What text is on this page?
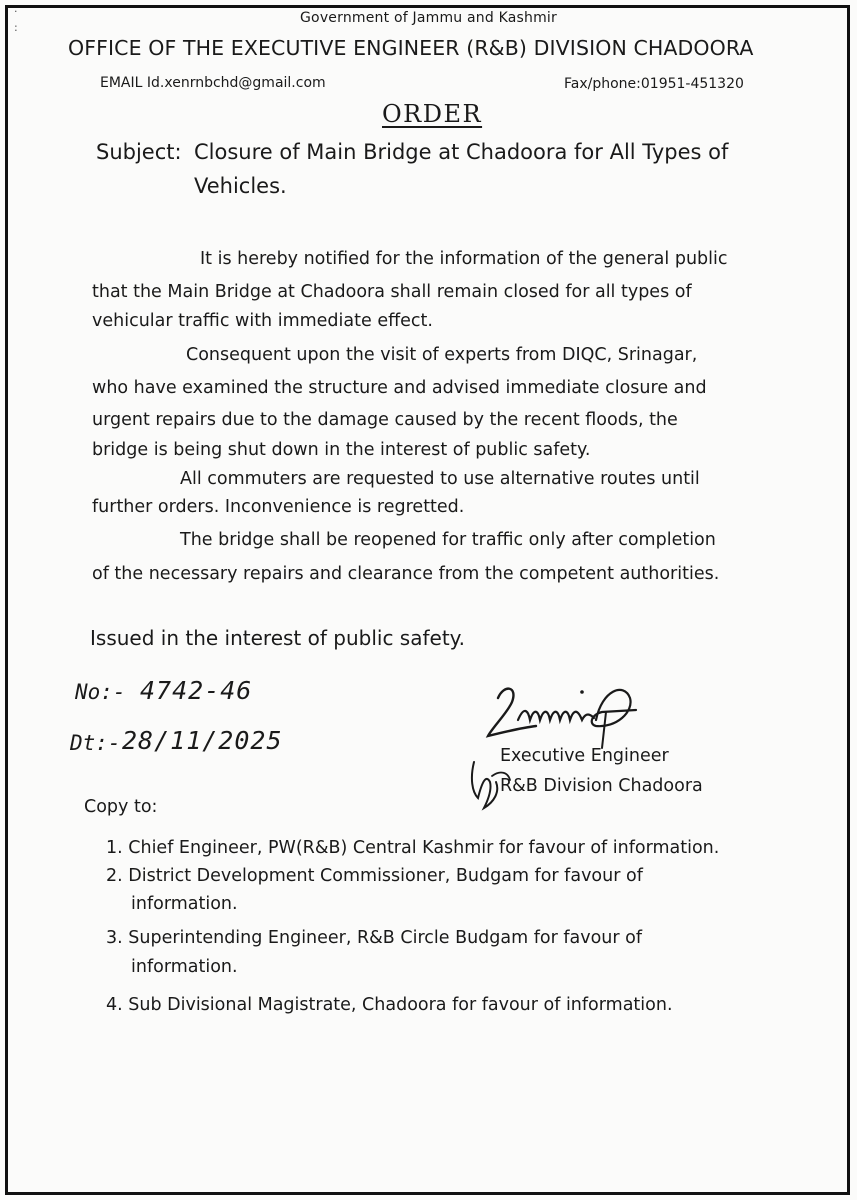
·
:
Government of Jammu and Kashmir
OFFICE OF THE EXECUTIVE ENGINEER (R&B) DIVISION CHADOORA
EMAIL Id.xenrnbchd@gmail.com	Fax/phone:01951-451320
ORDER
Subject: Closure of Main Bridge at Chadoora for All Types of
Vehicles.
It is hereby notified for the information of the general public
that the Main Bridge at Chadoora shall remain closed for all types of
vehicular traffic with immediate effect.
Consequent upon the visit of experts from DIQC, Srinagar,
who have examined the structure and advised immediate closure and
urgent repairs due to the damage caused by the recent floods, the
bridge is being shut down in the interest of public safety.
All commuters are requested to use alternative routes until
further orders. Inconvenience is regretted.
The bridge shall be reopened for traffic only after completion
of the necessary repairs and clearance from the competent authorities.
Issued in the interest of public safety.
No:- 4742-46
Dt:- 28/11/2025
Executive Engineer
R&B Division Chadoora
Copy to:
1. Chief Engineer, PW(R&B) Central Kashmir for favour of information.
2. District Development Commissioner, Budgam for favour of
information.
3. Superintending Engineer, R&B Circle Budgam for favour of
information.
4. Sub Divisional Magistrate, Chadoora for favour of information.
